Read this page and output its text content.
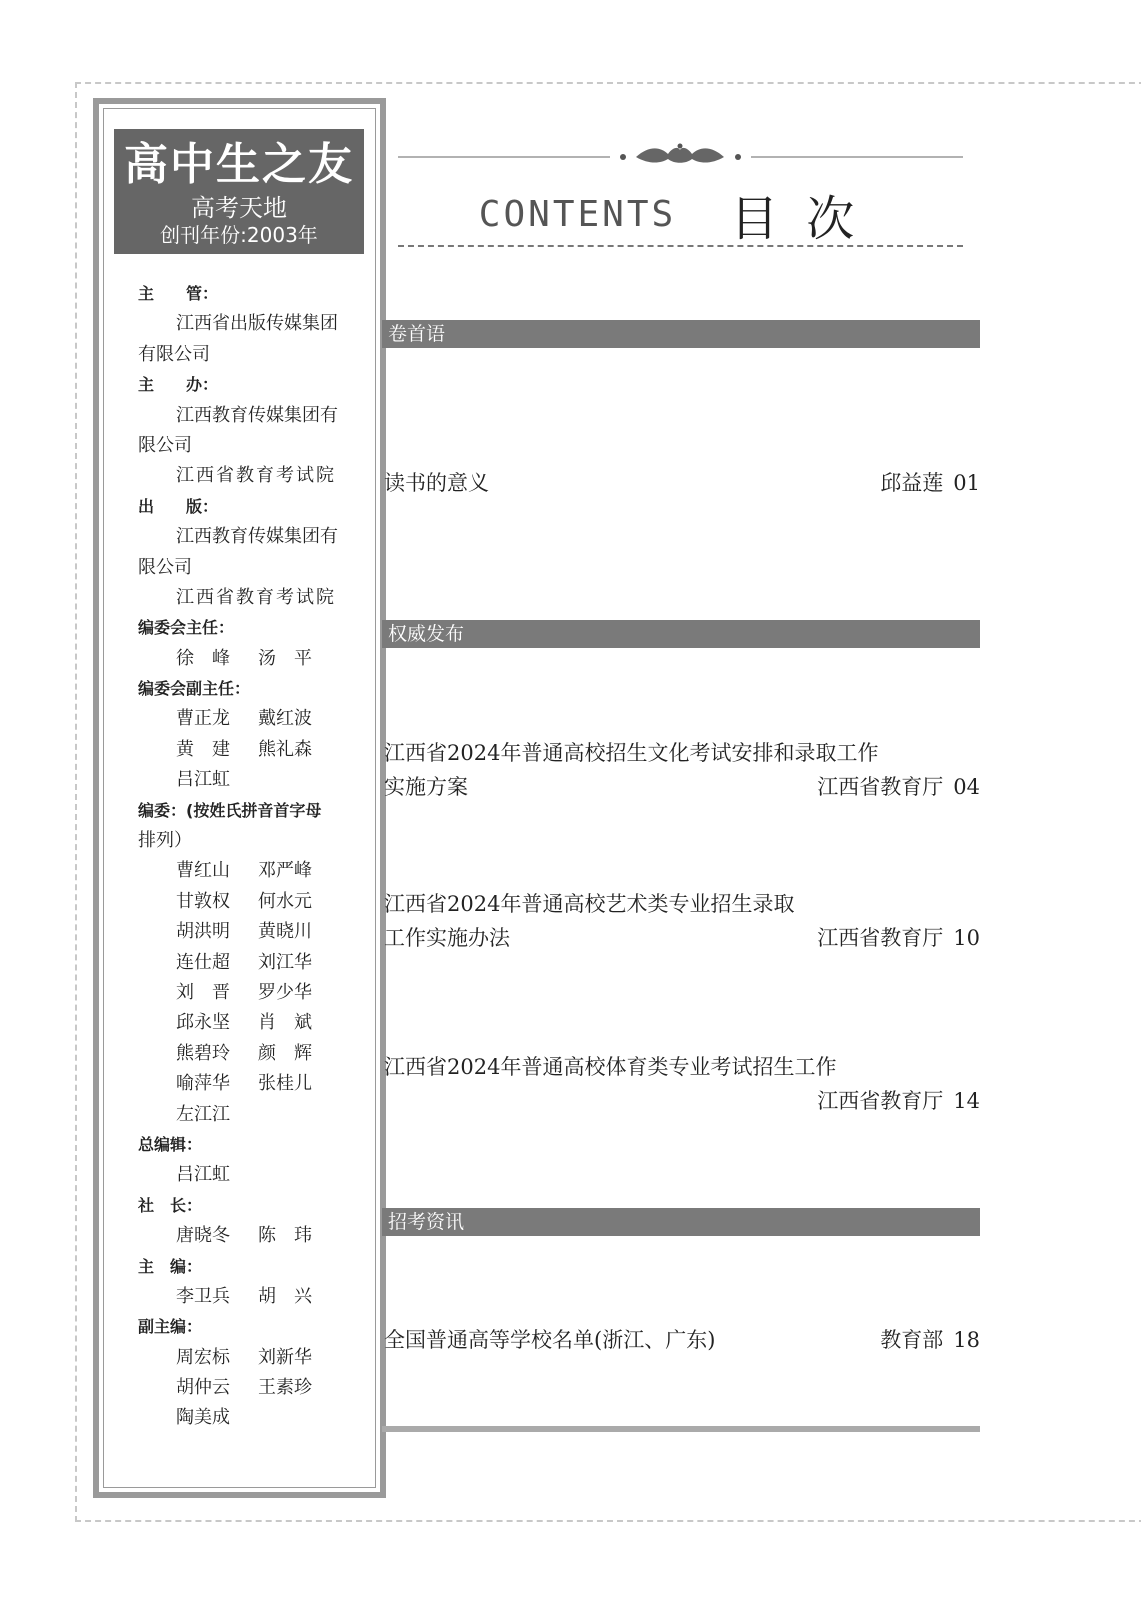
高中生之友
高考天地
创刊年份:2003年
主　　管：
江西省出版传媒集团
有限公司
主　　办：
江西教育传媒集团有
限公司
江西省教育考试院
出　　版：
江西教育传媒集团有
限公司
江西省教育考试院
编委会主任：
徐　峰 汤　平
编委会副主任：
曹正龙 戴红波
黄　建 熊礼森
吕江虹
编委：(按姓氏拼音首字母
排列）
曹红山 邓严峰
甘敦权 何水元
胡洪明 黄晓川
连仕超 刘江华
刘　晋 罗少华
邱永坚 肖　斌
熊碧玲 颜　辉
喻萍华 张桂儿
左江江
总编辑：
吕江虹
社　长：
唐晓冬 陈　玮
主　编：
李卫兵 胡　兴
副主编：
周宏标 刘新华
胡仲云 王素珍
陶美成
CONTENTS 目次
卷首语
读书的意义	邱益莲 01
权威发布
江西省2024年普通高校招生文化考试安排和录取工作
实施方案	江西省教育厅 04
江西省2024年普通高校艺术类专业招生录取
工作实施办法	江西省教育厅 10
江西省2024年普通高校体育类专业考试招生工作

江西省教育厅 14
招考资讯
全国普通高等学校名单(浙江、广东)	教育部 18
